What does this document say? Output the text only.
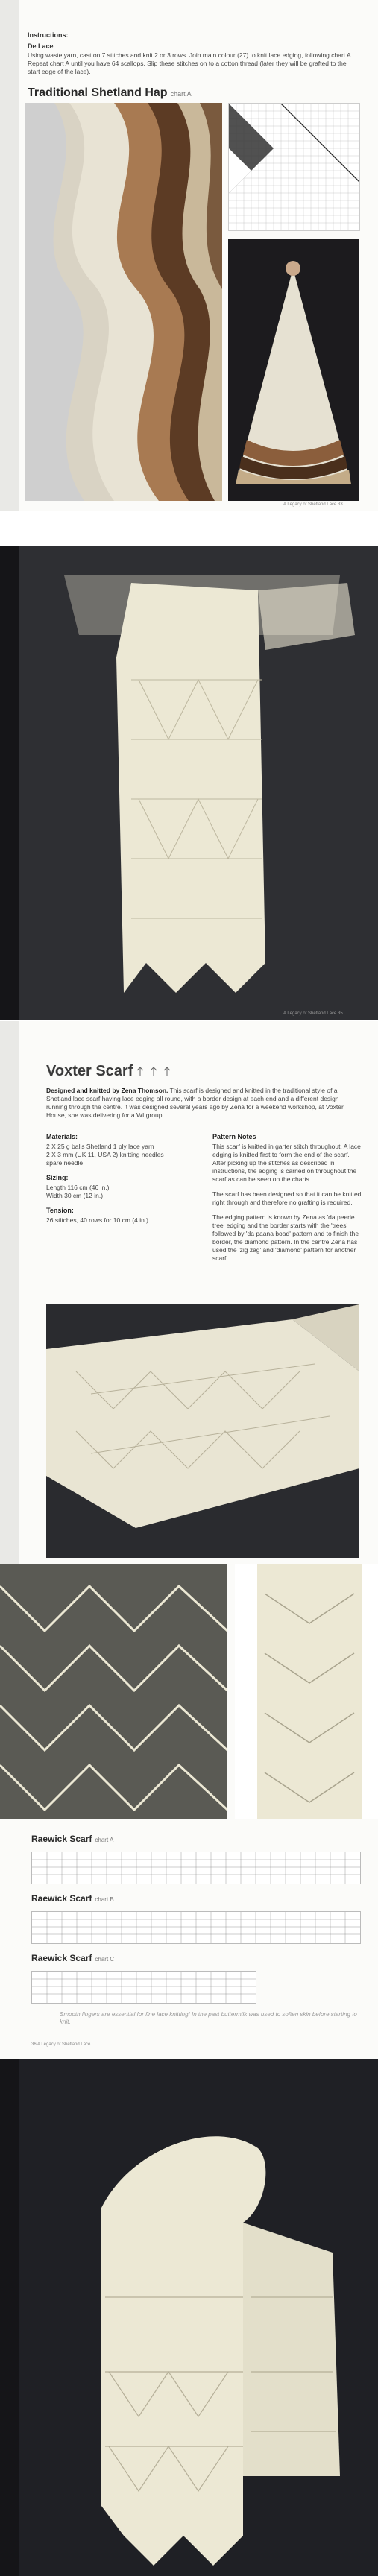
Instructions:
De Lace
Using waste yarn, cast on 7 stitches and knit 2 or 3 rows. Join main colour (27) to knit lace edging, following chart A. Repeat chart A until you have 64 scallops. Slip these stitches on to a cotton thread (later they will be grafted to the start edge of the lace).
Traditional Shetland Hap chart A
A Legacy of Shetland Lace 33
A Legacy of Shetland Lace 35
Voxter Scarf
Designed and knitted by Zena Thomson. This scarf is designed and knitted in the traditional style of a Shetland lace scarf having lace edging all round, with a border design at each end and a different design running through the centre. It was designed several years ago by Zena for a weekend workshop, at Voxter House, she was delivering for a WI group.
Materials:

2 X 25 g balls Shetland 1 ply lace yarn
2 X 3 mm (UK 11, USA 2) knitting needles
spare needle

Sizing:

Length 116 cm (46 in.)
Width 30 cm (12 in.)

Tension:

26 stitches, 40 rows for 10 cm (4 in.)

Pattern Notes

This scarf is knitted in garter stitch throughout. A lace edging is knitted first to form the end of the scarf. After picking up the stitches as described in instructions, the edging is carried on throughout the scarf as can be seen on the charts.

The scarf has been designed so that it can be knitted right through and therefore no grafting is required.

The edging pattern is known by Zena as 'da peerie tree' edging and the border starts with the 'trees' followed by 'da paana boad' pattern and to finish the border, the diamond pattern. In the centre Zena has used the 'zig zag' and 'diamond' pattern for another scarf.

Raewick Scarf chart A
Raewick Scarf chart B
Raewick Scarf chart C
Smooth fingers are essential for fine lace knitting! In the past buttermilk was used to soften skin before starting to knit.
36 A Legacy of Shetland Lace
